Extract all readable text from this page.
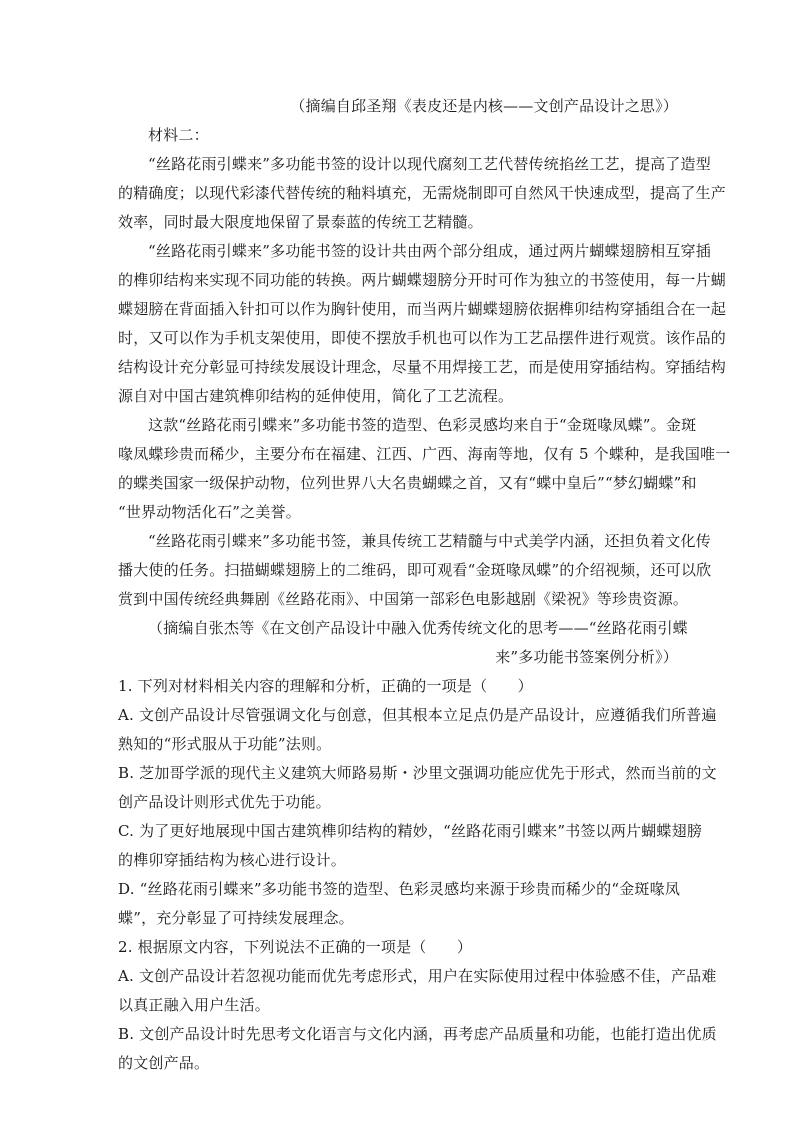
（摘编自邱圣翔《表皮还是内核——文创产品设计之思》）

材料二：

“丝路花雨引蝶来”多功能书签的设计以现代腐刻工艺代替传统掐丝工艺，提高了造型

的精确度；以现代彩漆代替传统的釉料填充，无需烧制即可自然风干快速成型，提高了生产

效率，同时最大限度地保留了景泰蓝的传统工艺精髓。

“丝路花雨引蝶来”多功能书签的设计共由两个部分组成，通过两片蝴蝶翅膀相互穿插

的榫卯结构来实现不同功能的转换。两片蝴蝶翅膀分开时可作为独立的书签使用，每一片蝴

蝶翅膀在背面插入针扣可以作为胸针使用，而当两片蝴蝶翅膀依据榫卯结构穿插组合在一起

时，又可以作为手机支架使用，即使不摆放手机也可以作为工艺品摆件进行观赏。该作品的

结构设计充分彰显可持续发展设计理念，尽量不用焊接工艺，而是使用穿插结构。穿插结构

源自对中国古建筑榫卯结构的延伸使用，简化了工艺流程。

这款“丝路花雨引蝶来”多功能书签的造型、色彩灵感均来自于“金斑喙凤蝶”。金斑

喙凤蝶珍贵而稀少，主要分布在福建、江西、广西、海南等地，仅有 5 个蝶种，是我国唯一

的蝶类国家一级保护动物，位列世界八大名贵蝴蝶之首，又有“蝶中皇后”“梦幻蝴蝶”和

“世界动物活化石”之美誉。

“丝路花雨引蝶来”多功能书签，兼具传统工艺精髓与中式美学内涵，还担负着文化传

播大使的任务。扫描蝴蝶翅膀上的二维码，即可观看“金斑喙凤蝶”的介绍视频，还可以欣

赏到中国传统经典舞剧《丝路花雨》、中国第一部彩色电影越剧《梁祝》等珍贵资源。

（摘编自张杰等《在文创产品设计中融入优秀传统文化的思考——“丝路花雨引蝶

来”多功能书签案例分析》）

1. 下列对材料相关内容的理解和分析，正确的一项是（　　）

A. 文创产品设计尽管强调文化与创意，但其根本立足点仍是产品设计，应遵循我们所普遍

熟知的“形式服从于功能”法则。

B. 芝加哥学派的现代主义建筑大师路易斯・沙里文强调功能应优先于形式，然而当前的文

创产品设计则形式优先于功能。

C. 为了更好地展现中国古建筑榫卯结构的精妙，“丝路花雨引蝶来”书签以两片蝴蝶翅膀

的榫卯穿插结构为核心进行设计。

D. “丝路花雨引蝶来”多功能书签的造型、色彩灵感均来源于珍贵而稀少的“金斑喙凤

蝶”，充分彰显了可持续发展理念。

2. 根据原文内容，下列说法不正确的一项是（　　）

A. 文创产品设计若忽视功能而优先考虑形式，用户在实际使用过程中体验感不佳，产品难

以真正融入用户生活。

B. 文创产品设计时先思考文化语言与文化内涵，再考虑产品质量和功能，也能打造出优质

的文创产品。
